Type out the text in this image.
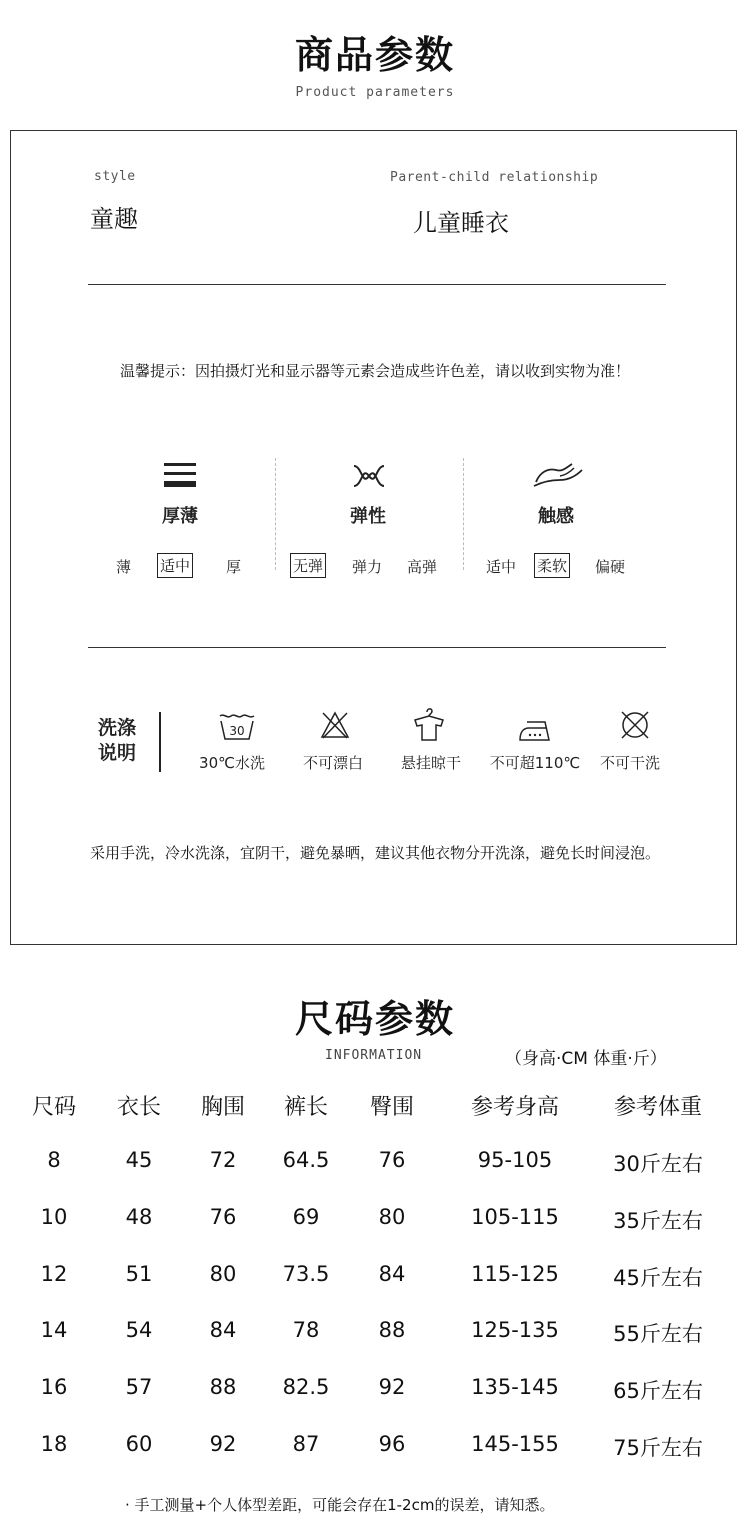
商品参数
Product parameters
style
童趣
Parent-child relationship
儿童睡衣
温馨提示：因拍摄灯光和显示器等元素会造成些许色差，请以收到实物为准！
厚薄
薄 适中 厚
弹性
无弹 弹力 高弹
触感
适中 柔软 偏硬
洗涤
说明
30
30℃水洗	不可漂白	悬挂晾干	不可超110℃	不可干洗
采用手洗，冷水洗涤，宜阴干，避免暴晒，建议其他衣物分开洗涤，避免长时间浸泡。
尺码参数
INFORMATION	（身高·CM 体重·斤）
尺码	衣长	胸围	裤长	臀围	参考身高	参考体重
8	45	72	64.5	76	95-105	30斤左右
10	48	76	69	80	105-115	35斤左右
12	51	80	73.5	84	115-125	45斤左右
14	54	84	78	88	125-135	55斤左右
16	57	88	82.5	92	135-145	65斤左右
18	60	92	87	96	145-155	75斤左右
· 手工测量+个人体型差距，可能会存在1-2cm的误差，请知悉。
